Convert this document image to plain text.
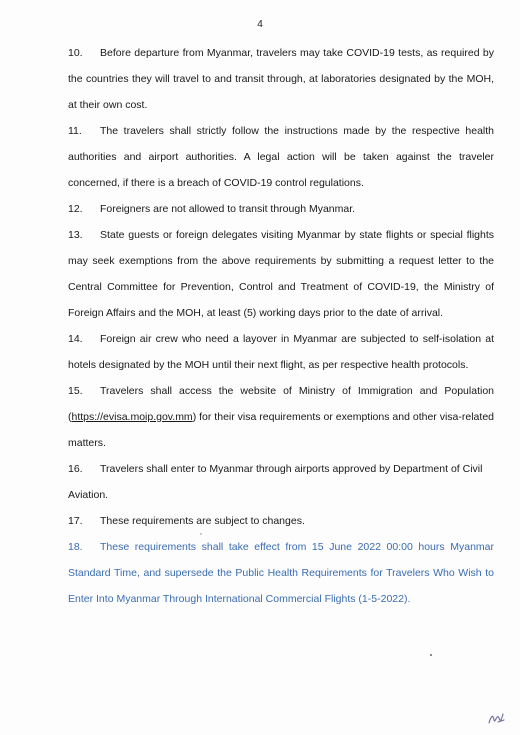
4

10. Before departure from Myanmar, travelers may take COVID-19 tests, as required by the countries they will travel to and transit through, at laboratories designated by the MOH, at their own cost.

11. The travelers shall strictly follow the instructions made by the respective health authorities and airport authorities. A legal action will be taken against the traveler concerned, if there is a breach of COVID-19 control regulations.

12. Foreigners are not allowed to transit through Myanmar.

13. State guests or foreign delegates visiting Myanmar by state flights or special flights may seek exemptions from the above requirements by submitting a request letter to the Central Committee for Prevention, Control and Treatment of COVID-19, the Ministry of Foreign Affairs and the MOH, at least (5) working days prior to the date of arrival.

14. Foreign air crew who need a layover in Myanmar are subjected to self-isolation at hotels designated by the MOH until their next flight, as per respective health protocols.

15. Travelers shall access the website of Ministry of Immigration and Population (https://evisa.moip.gov.mm) for their visa requirements or exemptions and other visa-related matters.

16. Travelers shall enter to Myanmar through airports approved by Department of Civil Aviation.

17. These requirements are subject to changes.

18. These requirements shall take effect from 15 June 2022 00:00 hours Myanmar Standard Time, and supersede the Public Health Requirements for Travelers Who Wish to Enter Into Myanmar Through International Commercial Flights (1-5-2022).
